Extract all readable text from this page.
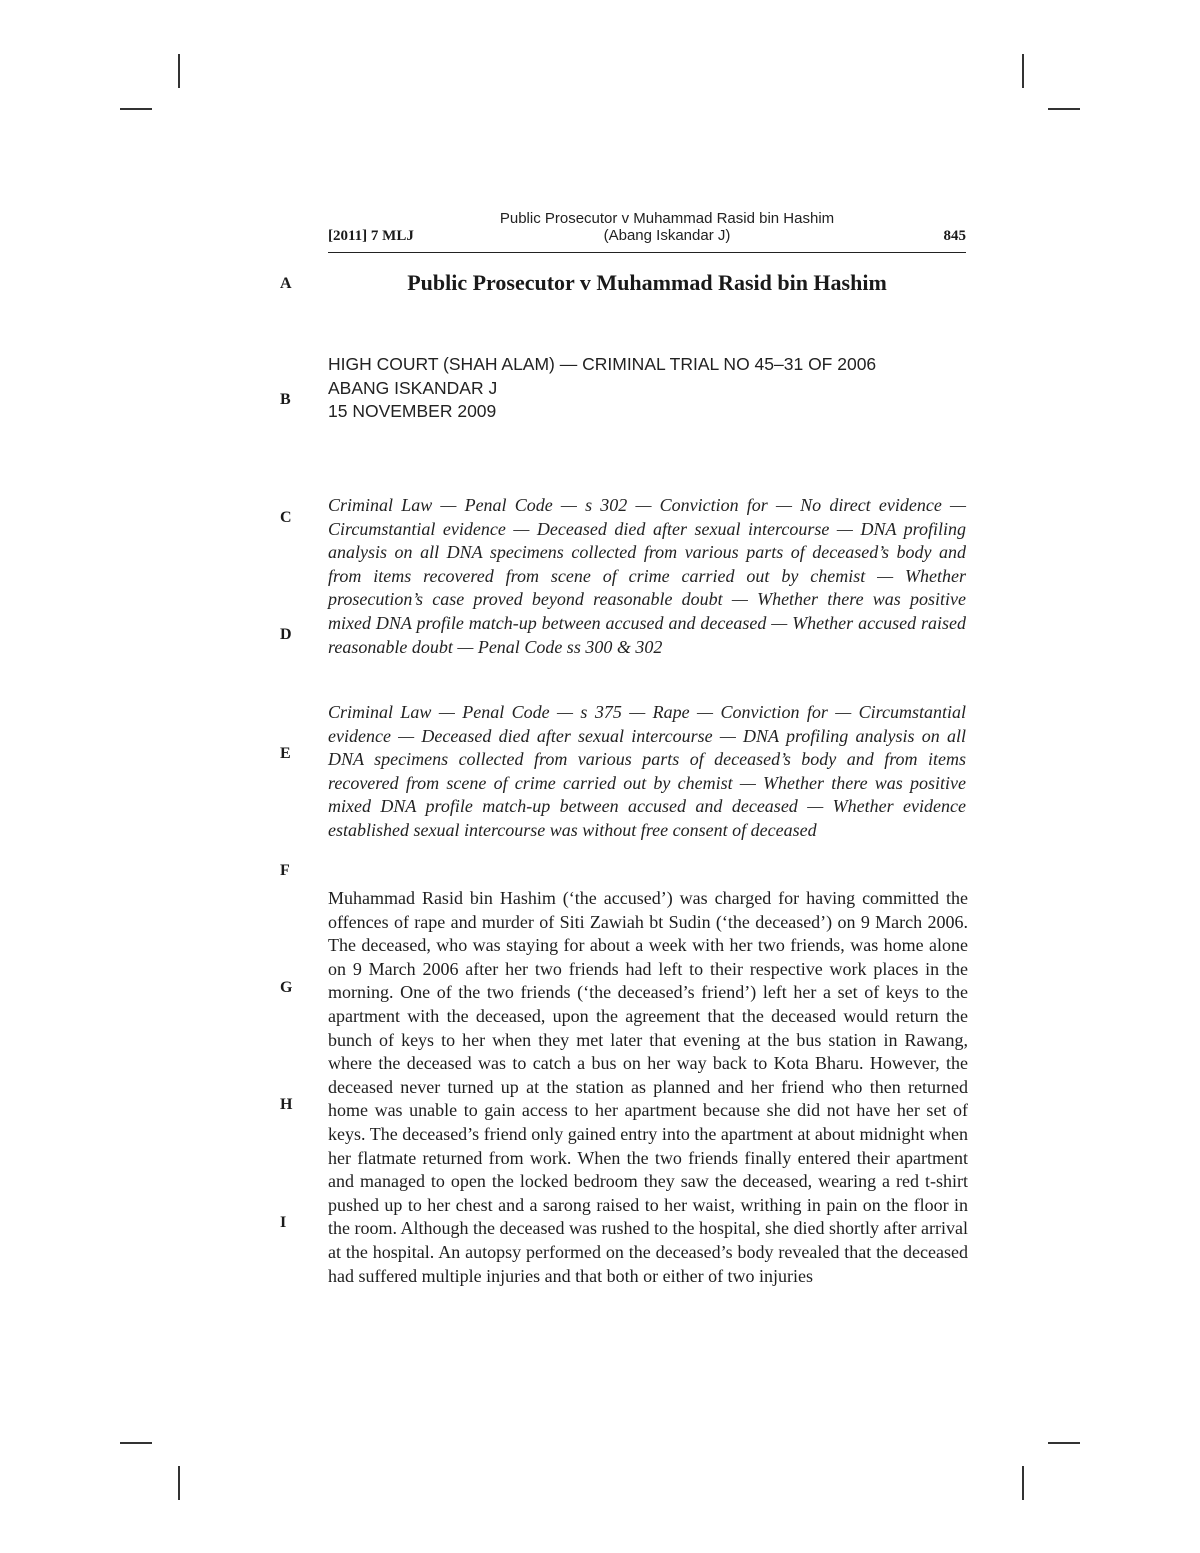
[2011] 7 MLJ
Public Prosecutor v Muhammad Rasid bin Hashim
(Abang Iskandar J)	845
A
B
C
D
E
F
G
H
I
Public Prosecutor v Muhammad Rasid bin Hashim

HIGH COURT (SHAH ALAM) — CRIMINAL TRIAL NO 45–31 OF 2006

ABANG ISKANDAR J

15 NOVEMBER 2009

Criminal Law — Penal Code — s 302 — Conviction for — No direct evidence — Circumstantial evidence — Deceased died after sexual intercourse — DNA profiling analysis on all DNA specimens collected from various parts of deceased’s body and from items recovered from scene of crime carried out by chemist — Whether prosecution’s case proved beyond reasonable doubt — Whether there was positive mixed DNA profile match-up between accused and deceased — Whether accused raised reasonable doubt — Penal Code ss 300 & 302

Criminal Law — Penal Code — s 375 — Rape — Conviction for — Circumstantial evidence — Deceased died after sexual intercourse — DNA profiling analysis on all DNA specimens collected from various parts of deceased’s body and from items recovered from scene of crime carried out by chemist — Whether there was positive mixed DNA profile match-up between accused and deceased — Whether evidence established sexual intercourse was without free consent of deceased

Muhammad Rasid bin Hashim (‘the accused’) was charged for having committed the offences of rape and murder of Siti Zawiah bt Sudin (‘the deceased’) on 9 March 2006. The deceased, who was staying for about a week with her two friends, was home alone on 9 March 2006 after her two friends had left to their respective work places in the morning. One of the two friends (‘the deceased’s friend’) left her a set of keys to the apartment with the deceased, upon the agreement that the deceased would return the bunch of keys to her when they met later that evening at the bus station in Rawang, where the deceased was to catch a bus on her way back to Kota Bharu. However, the deceased never turned up at the station as planned and her friend who then returned home was unable to gain access to her apartment because she did not have her set of keys. The deceased’s friend only gained entry into the apartment at about midnight when her flatmate returned from work. When the two friends finally entered their apartment and managed to open the locked bedroom they saw the deceased, wearing a red t-shirt pushed up to her chest and a sarong raised to her waist, writhing in pain on the floor in the room. Although the deceased was rushed to the hospital, she died shortly after arrival at the hospital. An autopsy performed on the deceased’s body revealed that the deceased had suffered multiple injuries and that both or either of two injuries
